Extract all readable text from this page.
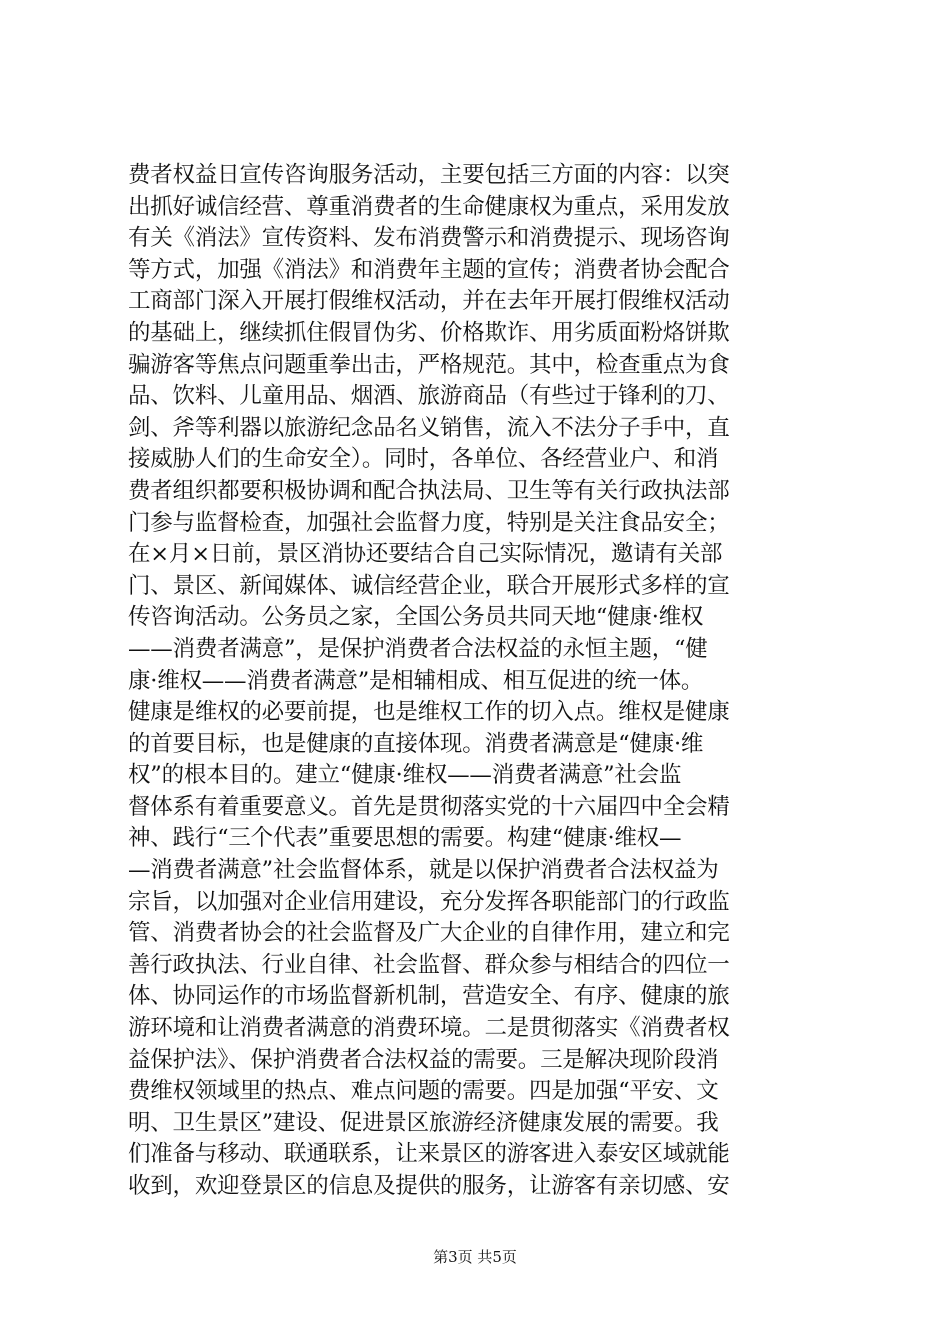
费者权益日宣传咨询服务活动，主要包括三方面的内容：以突
出抓好诚信经营、尊重消费者的生命健康权为重点，采用发放
有关《消法》宣传资料、发布消费警示和消费提示、现场咨询
等方式，加强《消法》和消费年主题的宣传；消费者协会配合
工商部门深入开展打假维权活动，并在去年开展打假维权活动
的基础上，继续抓住假冒伪劣、价格欺诈、用劣质面粉烙饼欺
骗游客等焦点问题重拳出击，严格规范。其中，检查重点为食
品、饮料、儿童用品、烟酒、旅游商品（有些过于锋利的刀、
剑、斧等利器以旅游纪念品名义销售，流入不法分子手中，直
接威胁人们的生命安全）。同时，各单位、各经营业户、和消
费者组织都要积极协调和配合执法局、卫生等有关行政执法部
门参与监督检查，加强社会监督力度，特别是关注食品安全；
在×月×日前，景区消协还要结合自己实际情况，邀请有关部
门、景区、新闻媒体、诚信经营企业，联合开展形式多样的宣
传咨询活动。公务员之家，全国公务员共同天地“健康·维权
——消费者满意”，是保护消费者合法权益的永恒主题，“健
康·维权——消费者满意”是相辅相成、相互促进的统一体。
健康是维权的必要前提，也是维权工作的切入点。维权是健康
的首要目标，也是健康的直接体现。消费者满意是“健康·维
权”的根本目的。建立“健康·维权——消费者满意”社会监
督体系有着重要意义。首先是贯彻落实党的十六届四中全会精
神、践行“三个代表”重要思想的需要。构建“健康·维权—
—消费者满意”社会监督体系，就是以保护消费者合法权益为
宗旨，以加强对企业信用建设，充分发挥各职能部门的行政监
管、消费者协会的社会监督及广大企业的自律作用，建立和完
善行政执法、行业自律、社会监督、群众参与相结合的四位一
体、协同运作的市场监督新机制，营造安全、有序、健康的旅
游环境和让消费者满意的消费环境。二是贯彻落实《消费者权
益保护法》、保护消费者合法权益的需要。三是解决现阶段消
费维权领域里的热点、难点问题的需要。四是加强“平安、文
明、卫生景区”建设、促进景区旅游经济健康发展的需要。我
们准备与移动、联通联系，让来景区的游客进入泰安区域就能
收到，欢迎登景区的信息及提供的服务，让游客有亲切感、安
第3页 共5页
